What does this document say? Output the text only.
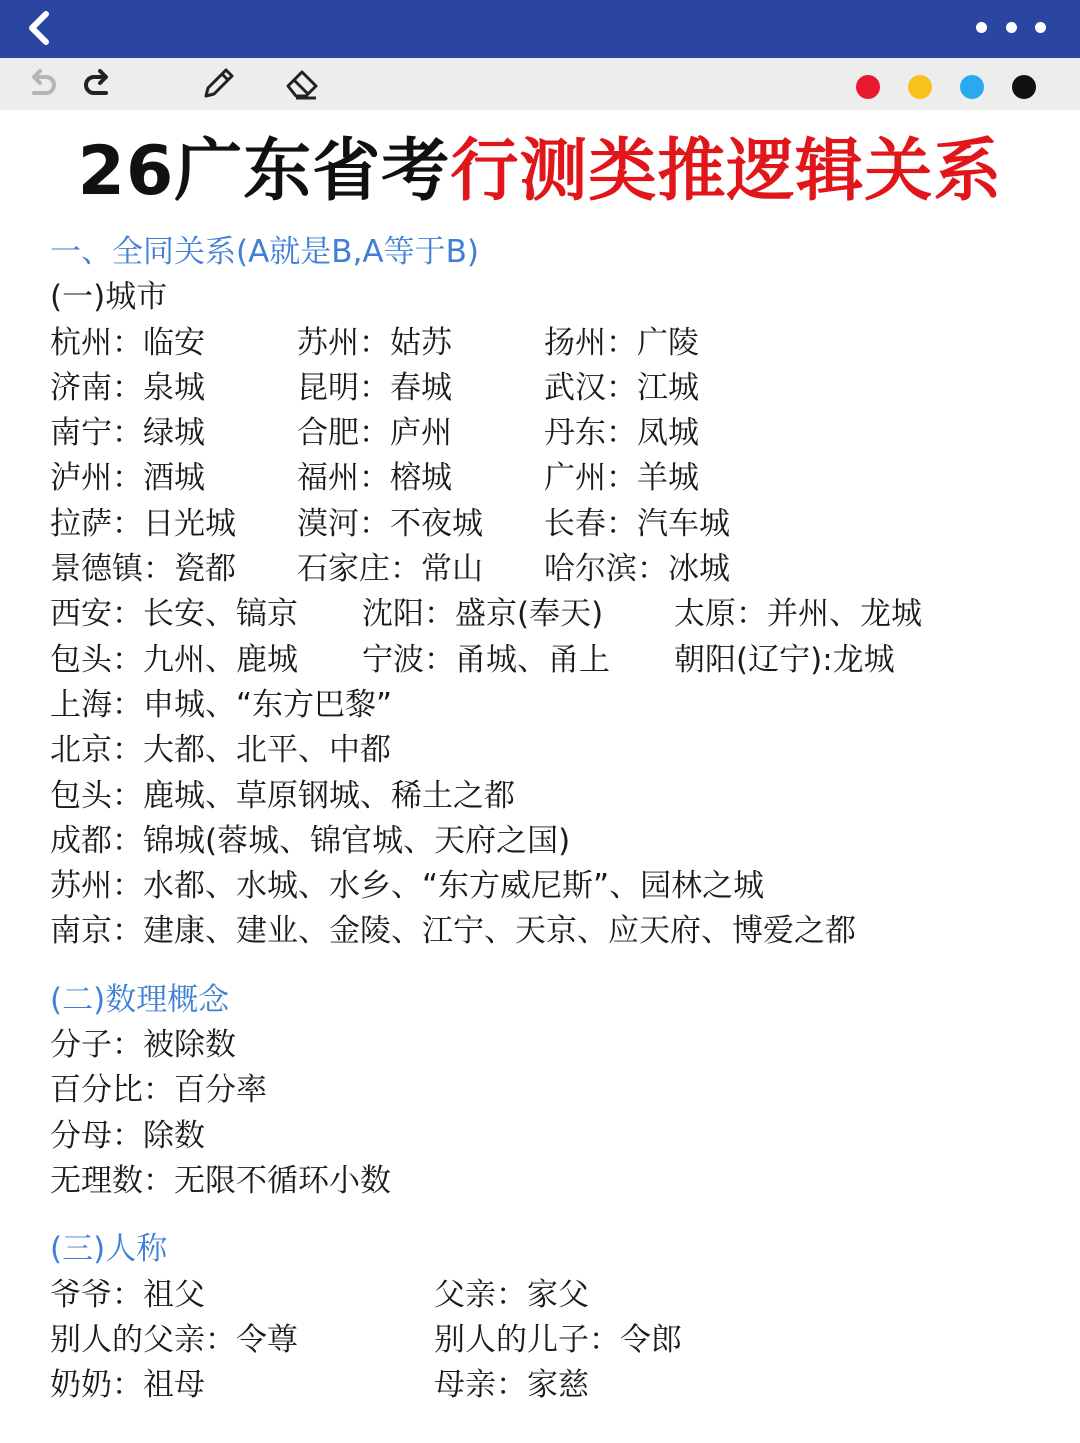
26广东省考行测类推逻辑关系
一、全同关系(A就是B,A等于B)
(一)城市
杭州：临安	苏州：姑苏	扬州：广陵
济南：泉城	昆明：春城	武汉：江城
南宁：绿城	合肥：庐州	丹东：凤城
泸州：酒城	福州：榕城	广州：羊城
拉萨：日光城 漠河：不夜城 长春：汽车城
景德镇：瓷都 石家庄：常山 哈尔滨：冰城
西安：长安、镐京 沈阳：盛京(奉天) 太原：并州、龙城
包头：九州、鹿城 宁波：甬城、甬上 朝阳(辽宁):龙城
上海：申城、“东方巴黎”
北京：大都、北平、中都
包头：鹿城、草原钢城、稀土之都
成都：锦城(蓉城、锦官城、天府之国)
苏州：水都、水城、水乡、“东方威尼斯”、园林之城
南京：建康、建业、金陵、江宁、天京、应天府、博爱之都
(二)数理概念
分子：被除数
百分比：百分率
分母：除数
无理数：无限不循环小数
(三)人称
爷爷：祖父	父亲：家父
别人的父亲：令尊	别人的儿子：令郎
奶奶：祖母	母亲：家慈
